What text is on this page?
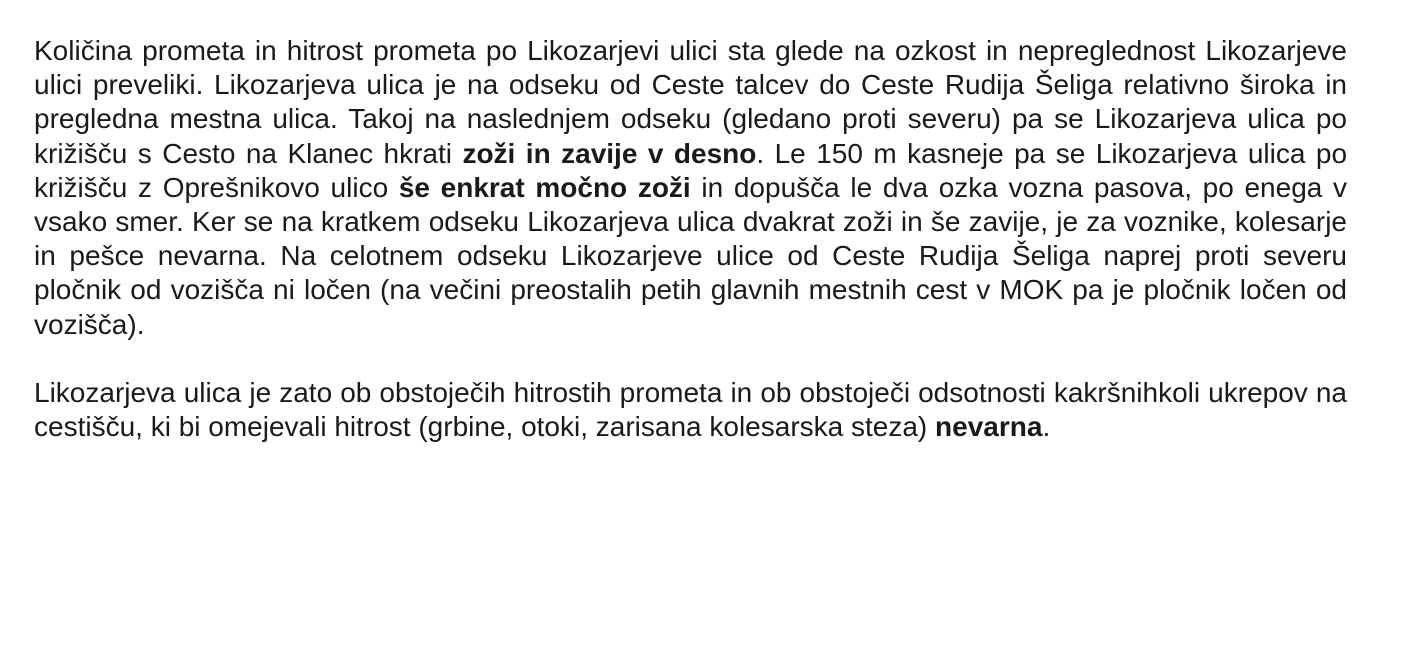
Količina prometa in hitrost prometa po Likozarjevi ulici sta glede na ozkost in nepreglednost Likozarjeve ulici preveliki. Likozarjeva ulica je na odseku od Ceste talcev do Ceste Rudija Šeliga relativno široka in pregledna mestna ulica. Takoj na naslednjem odseku (gledano proti severu) pa se Likozarjeva ulica po križišču s Cesto na Klanec hkrati zoži in zavije v desno. Le 150 m kasneje pa se Likozarjeva ulica po križišču z Oprešnikovo ulico še enkrat močno zoži in dopušča le dva ozka vozna pasova, po enega v vsako smer. Ker se na kratkem odseku Likozarjeva ulica dvakrat zoži in še zavije, je za voznike, kolesarje in pešce nevarna. Na celotnem odseku Likozarjeve ulice od Ceste Rudija Šeliga naprej proti severu pločnik od vozišča ni ločen (na večini preostalih petih glavnih mestnih cest v MOK pa je pločnik ločen od vozišča).

Likozarjeva ulica je zato ob obstoječih hitrostih prometa in ob obstoječi odsotnosti kakršnihkoli ukrepov na cestišču, ki bi omejevali hitrost (grbine, otoki, zarisana kolesarska steza) nevarna.
